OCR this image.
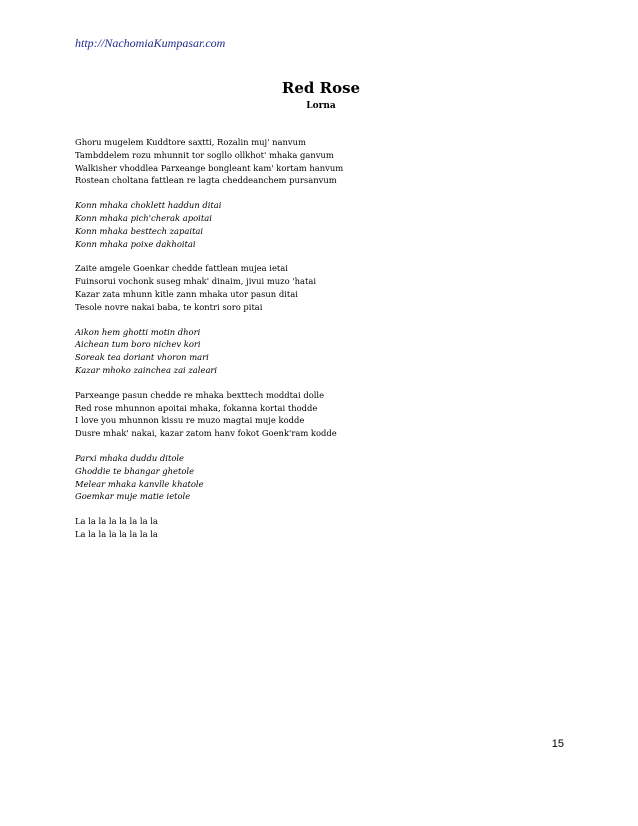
http://NachomiaKumpasar.com
Red Rose
Lorna
Ghoru mugelem Kuddtore saxtti, Rozalin muj' nanvum
Tambddelem rozu mhunnit tor sogllo ollkhot' mhaka ganvum
Walkisher vhoddlea Parxeange bongleant kam' kortam hanvum
Rostean choltana fattlean re lagta cheddeanchem pursanvum
Konn mhaka choklett haddun ditai
Konn mhaka pich'cherak apoitai
Konn mhaka besttech zapaitai
Konn mhaka poixe dakhoitai
Zaite amgele Goenkar chedde fattlean mujea ietai
Fuinsorui vochonk suseg mhak' dinaim, jivui muzo 'hatai
Kazar zata mhunn kitle zann mhaka utor pasun ditai
Tesole novre nakai baba, te kontri soro pitai
Aikon hem ghotti motin dhori
Aichean tum boro nichev kori
Soreak tea doriant vhoron mari
Kazar mhoko zainchea zai zaleari
Parxeange pasun chedde re mhaka bexttech moddtai dolle
Red rose mhunnon apoitai mhaka, fokanna kortai thodde
I love you mhunnon kissu re muzo magtai muje kodde
Dusre mhak' nakai, kazar zatom hanv fokot Goenk'ram kodde
Parxi mhaka duddu ditole
Ghoddie te bhangar ghetole
Melear mhaka kanvlle khatole
Goemkar muje matie ietole
La la la la la la la la
La la la la la la la la
15
